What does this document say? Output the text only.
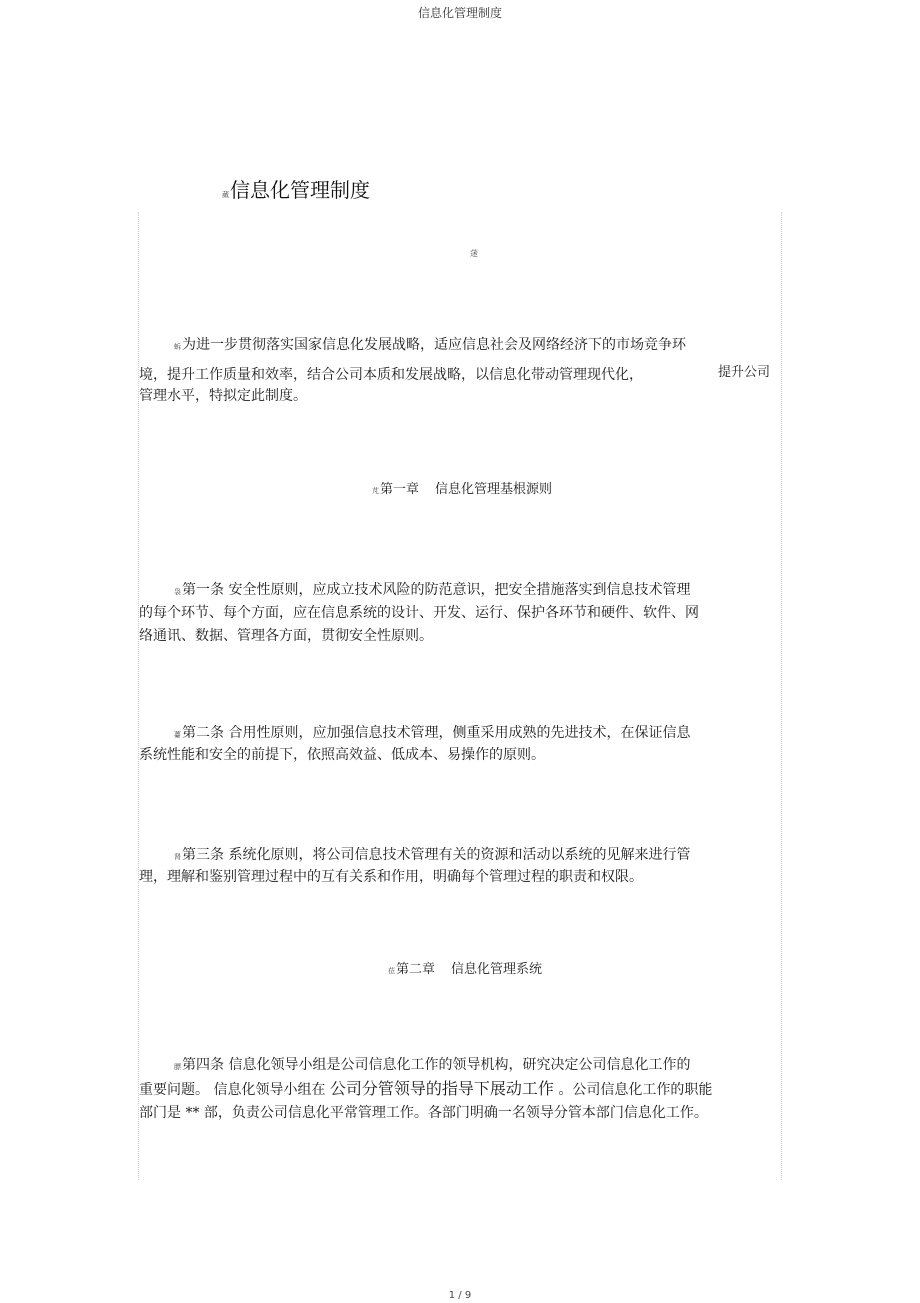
信息化管理制度
蕆信息化管理制度
蒁
蚸为进一步贯彻落实国家信息化发展战略，适应信息社会及网络经济下的市场竞争环
境，提升工作质量和效率，结合公司本质和发展战略，以信息化带动管理现代化，	提升公司
管理水平，特拟定此制度。
芃第一章 信息化管理基根源则
袅第一条 安全性原则，应成立技术风险的防范意识，把安全措施落实到信息技术管理
的每个环节、每个方面，应在信息系统的设计、开发、运行、保护各环节和硬件、软件、网
络通讯、数据、管理各方面，贯彻安全性原则。
薹第二条 合用性原则，应加强信息技术管理，侧重采用成熟的先进技术，在保证信息
系统性能和安全的前提下，依照高效益、低成本、易操作的原则。
肾第三条 系统化原则，将公司信息技术管理有关的资源和活动以系统的见解来进行管
理，理解和鉴别管理过程中的互有关系和作用，明确每个管理过程的职责和权限。
莅第二章 信息化管理系统
膘第四条 信息化领导小组是公司信息化工作的领导机构，研究决定公司信息化工作的
重要问题。 信息化领导小组在 公司分管领导的指导下展动工作 。公司信息化工作的职能
部门是 ** 部，负责公司信息化平常管理工作。各部门明确一名领导分管本部门信息化工作。
1 / 9
